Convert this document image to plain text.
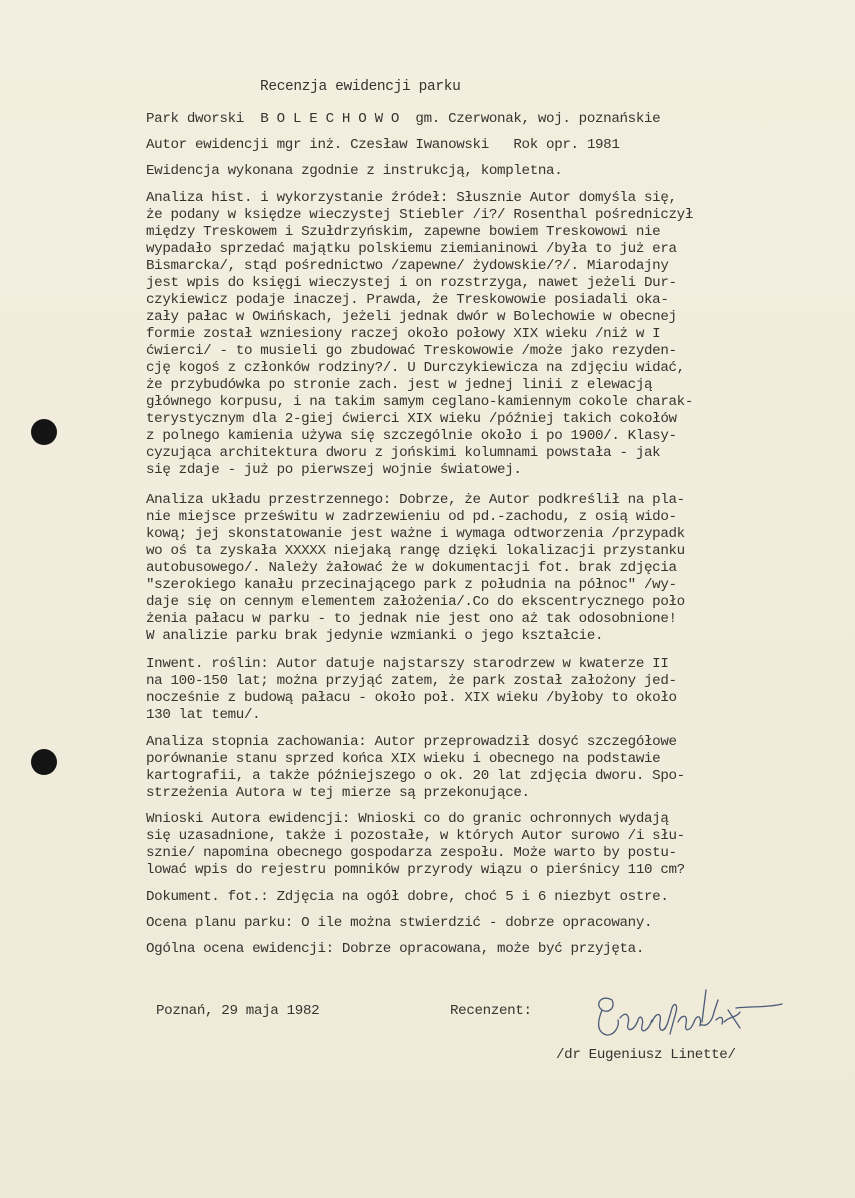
Recenzja ewidencji parku
Park dworski  B O L E C H O W O  gm. Czerwonak, woj. poznańskie
Autor ewidencji mgr inż. Czesław Iwanowski   Rok opr. 1981
Ewidencja wykonana zgodnie z instrukcją, kompletna.
Analiza hist. i wykorzystanie źródeł: Słusznie Autor domyśla się,
że podany w księdze wieczystej Stiebler /i?/ Rosenthal pośredniczył
między Treskowem i Szułdrzyńskim, zapewne bowiem Treskowowi nie
wypadało sprzedać majątku polskiemu ziemianinowi /była to już era
Bismarcka/, stąd pośrednictwo /zapewne/ żydowskie/?/. Miarodajny
jest wpis do księgi wieczystej i on rozstrzyga, nawet jeżeli Dur-
czykiewicz podaje inaczej. Prawda, że Treskowowie posiadali oka-
zały pałac w Owińskach, jeżeli jednak dwór w Bolechowie w obecnej
formie został wzniesiony raczej około połowy XIX wieku /niż w I
ćwierci/ - to musieli go zbudować Treskowowie /może jako rezyden-
cję kogoś z członków rodziny?/. U Durczykiewicza na zdjęciu widać,
że przybudówka po stronie zach. jest w jednej linii z elewacją
głównego korpusu, i na takim samym ceglano-kamiennym cokole charak-
terystycznym dla 2-giej ćwierci XIX wieku /później takich cokołów
z polnego kamienia używa się szczególnie około i po 1900/. Klasy-
cyzująca architektura dworu z jońskimi kolumnami powstała - jak
się zdaje - już po pierwszej wojnie światowej.
Analiza układu przestrzennego: Dobrze, że Autor podkreślił na pla-
nie miejsce prześwitu w zadrzewieniu od pd.-zachodu, z osią wido-
kową; jej skonstatowanie jest ważne i wymaga odtworzenia /przypadk
wo oś ta zyskała XXXXX niejaką rangę dzięki lokalizacji przystanku
autobusowego/. Należy żałować że w dokumentacji fot. brak zdjęcia
"szerokiego kanału przecinającego park z południa na północ" /wy-
daje się on cennym elementem założenia/.Co do ekscentrycznego poło
żenia pałacu w parku - to jednak nie jest ono aż tak odosobnione!
W analizie parku brak jedynie wzmianki o jego kształcie.
Inwent. roślin: Autor datuje najstarszy starodrzew w kwaterze II
na 100-150 lat; można przyjąć zatem, że park został założony jed-
nocześnie z budową pałacu - około poł. XIX wieku /byłoby to około
130 lat temu/.
Analiza stopnia zachowania: Autor przeprowadził dosyć szczegółowe
porównanie stanu sprzed końca XIX wieku i obecnego na podstawie
kartografii, a także późniejszego o ok. 20 lat zdjęcia dworu. Spo-
strzeżenia Autora w tej mierze są przekonujące.
Wnioski Autora ewidencji: Wnioski co do granic ochronnych wydają
się uzasadnione, także i pozostałe, w których Autor surowo /i słu-
sznie/ napomina obecnego gospodarza zespołu. Może warto by postu-
lować wpis do rejestru pomników przyrody wiązu o pierśnicy 110 cm?
Dokument. fot.: Zdjęcia na ogół dobre, choć 5 i 6 niezbyt ostre.
Ocena planu parku: O ile można stwierdzić - dobrze opracowany.
Ogólna ocena ewidencji: Dobrze opracowana, może być przyjęta.
Poznań, 29 maja 1982	Recenzent:
/dr Eugeniusz Linette/
